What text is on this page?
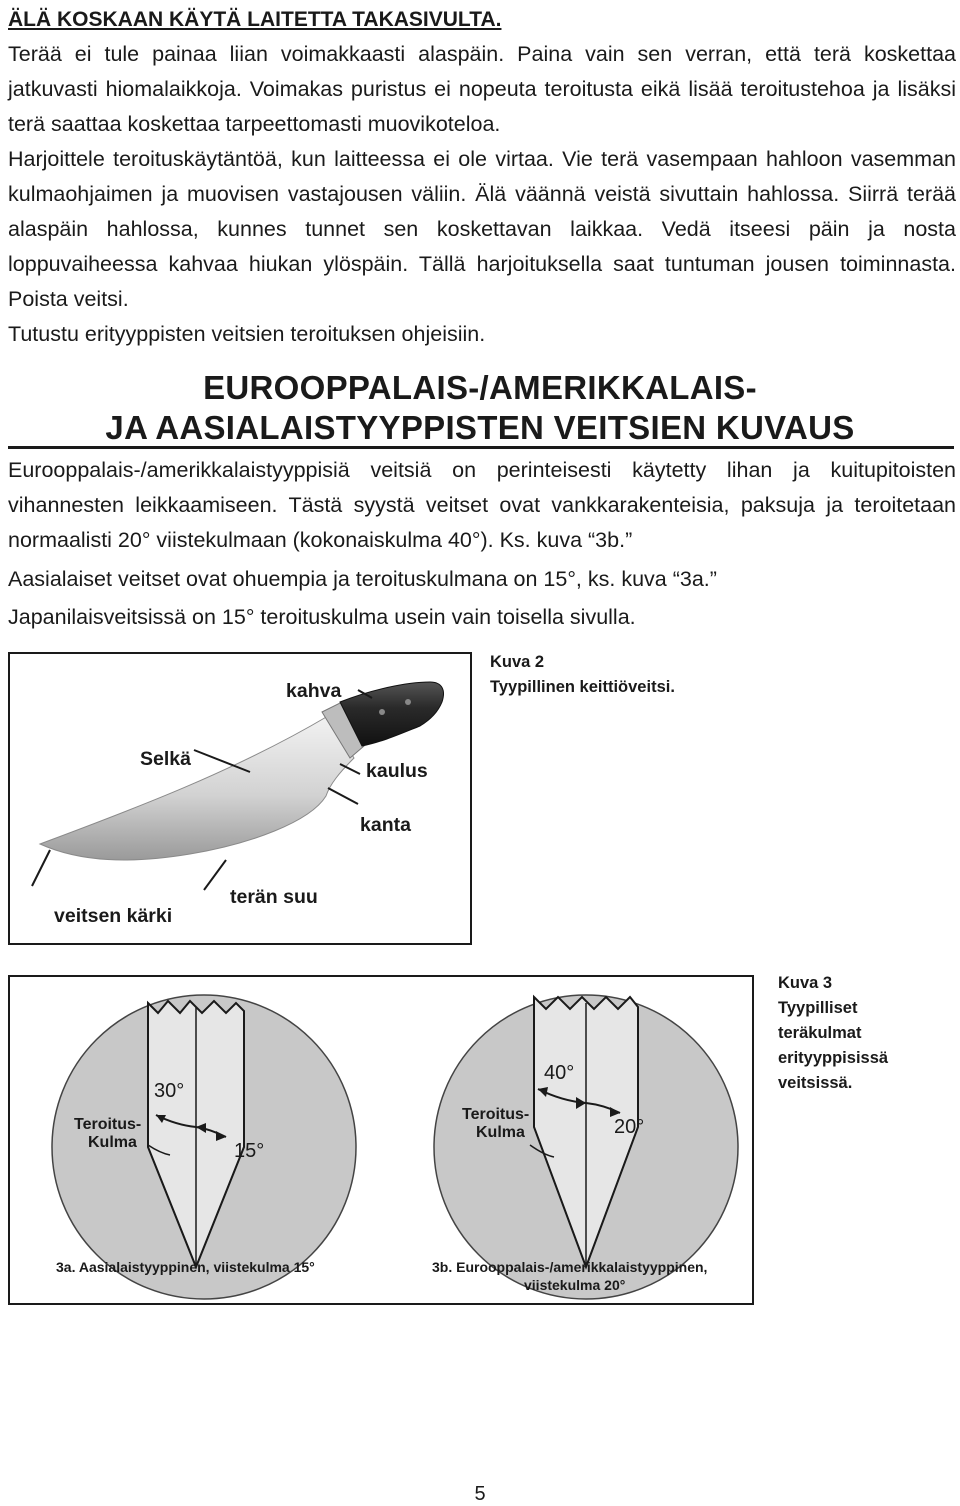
ÄLÄ KOSKAAN KÄYTÄ LAITETTA TAKASIVULTA.

Terää ei tule painaa liian voimakkaasti alaspäin. Paina vain sen verran, että terä koskettaa jatkuvasti hiomalaikkoja. Voimakas puristus ei nopeuta teroitusta eikä lisää teroitustehoa ja lisäksi terä saattaa koskettaa tarpeettomasti muovikoteloa.

Harjoittele teroituskäytäntöä, kun laitteessa ei ole virtaa. Vie terä vasempaan hahloon vasemman kulmaohjaimen ja muovisen vastajousen väliin. Älä väännä veistä sivuttain hahlossa. Siirrä terää alaspäin hahlossa, kunnes tunnet sen koskettavan laikkaa. Vedä itseesi päin ja nosta loppuvaiheessa kahvaa hiukan ylöspäin. Tällä harjoituksella saat tuntuman jousen toiminnasta. Poista veitsi.

Tutustu erityyppisten veitsien teroituksen ohjeisiin.

EUROOPPALAIS-/AMERIKKALAIS-
JA AASIALAISTYYPPISTEN VEITSIEN KUVAUS

Eurooppalais-/amerikkalaistyyppisiä veitsiä on perinteisesti käytetty lihan ja kuitupitoisten vihannesten leikkaamiseen. Tästä syystä veitset ovat vankkarakenteisia, paksuja ja teroitetaan normaalisti 20° viistekulmaan (kokonaiskulma 40°). Ks. kuva “3b.”

Aasialaiset veitset ovat ohuempia ja teroituskulmana on 15°, ks. kuva “3a.”

Japanilaisveitsissä on 15° teroituskulma usein vain toisella sivulla.

kahva
Selkä
kaulus
kanta
veitsen kärki
terän suu
Kuva 2
Tyypillinen keittiöveitsi.
30°
15°
Teroitus-
Kulma
40°
20°
Teroitus-
Kulma
3a. Aasialaistyyppinen, viistekulma 15°	3b. Eurooppalais-/amerikkalaistyyppinen,
viistekulma 20°
Kuva 3
Tyypilliset
teräkulmat
erityyppisissä
veitsissä.
5
